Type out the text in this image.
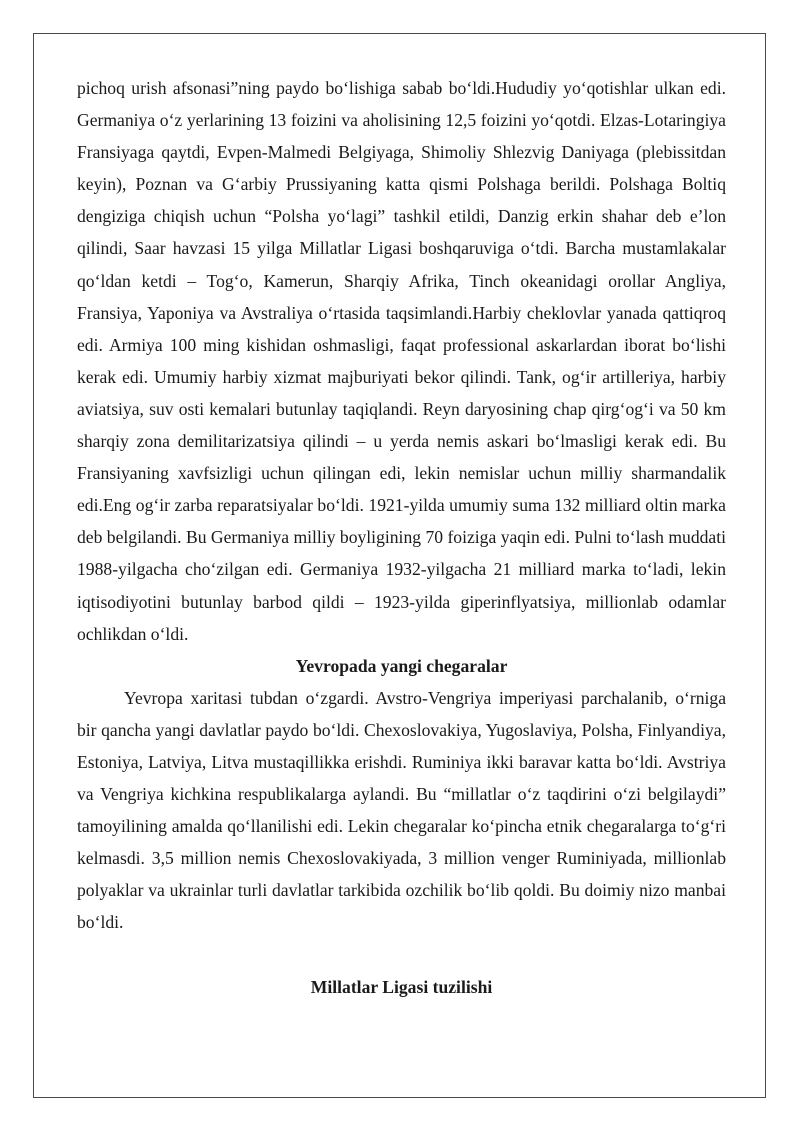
pichoq urish afsonasi”ning paydo bo‘lishiga sabab bo‘ldi.Hududiy yo‘qotishlar ulkan edi. Germaniya o‘z yerlarining 13 foizini va aholisining 12,5 foizini yo‘qotdi. Elzas-Lotaringiya Fransiyaga qaytdi, Evpen-Malmedi Belgiyaga, Shimoliy Shlezvig Daniyaga (plebissitdan keyin), Poznan va G‘arbiy Prussiyaning katta qismi Polshaga berildi. Polshaga Boltiq dengiziga chiqish uchun “Polsha yo‘lagi” tashkil etildi, Danzig erkin shahar deb e’lon qilindi, Saar havzasi 15 yilga Millatlar Ligasi boshqaruviga o‘tdi. Barcha mustamlakalar qo‘ldan ketdi – Tog‘o, Kamerun, Sharqiy Afrika, Tinch okeanidagi orollar Angliya, Fransiya, Yaponiya va Avstraliya o‘rtasida taqsimlandi.Harbiy cheklovlar yanada qattiqroq edi. Armiya 100 ming kishidan oshmasligi, faqat professional askarlardan iborat bo‘lishi kerak edi. Umumiy harbiy xizmat majburiyati bekor qilindi. Tank, og‘ir artilleriya, harbiy aviatsiya, suv osti kemalari butunlay taqiqlandi. Reyn daryosining chap qirg‘og‘i va 50 km sharqiy zona demilitarizatsiya qilindi – u yerda nemis askari bo‘lmasligi kerak edi. Bu Fransiyaning xavfsizligi uchun qilingan edi, lekin nemislar uchun milliy sharmandalik edi.Eng og‘ir zarba reparatsiyalar bo‘ldi. 1921-yilda umumiy suma 132 milliard oltin marka deb belgilandi. Bu Germaniya milliy boyligining 70 foiziga yaqin edi. Pulni to‘lash muddati 1988-yilgacha cho‘zilgan edi. Germaniya 1932-yilgacha 21 milliard marka to‘ladi, lekin iqtisodiyotini butunlay barbod qildi – 1923-yilda giperinflyatsiya, millionlab odamlar ochlikdan o‘ldi.

Yevropada yangi chegaralar

Yevropa xaritasi tubdan o‘zgardi. Avstro-Vengriya imperiyasi parchalanib, o‘rniga bir qancha yangi davlatlar paydo bo‘ldi. Chexoslovakiya, Yugoslaviya, Polsha, Finlyandiya, Estoniya, Latviya, Litva mustaqillikka erishdi. Ruminiya ikki baravar katta bo‘ldi. Avstriya va Vengriya kichkina respublikalarga aylandi. Bu “millatlar o‘z taqdirini o‘zi belgilaydi” tamoyilining amalda qo‘llanilishi edi. Lekin chegaralar ko‘pincha etnik chegaralarga to‘g‘ri kelmasdi. 3,5 million nemis Chexoslovakiyada, 3 million venger Ruminiyada, millionlab polyaklar va ukrainlar turli davlatlar tarkibida ozchilik bo‘lib qoldi. Bu doimiy nizo manbai bo‘ldi.

Millatlar Ligasi tuzilishi
